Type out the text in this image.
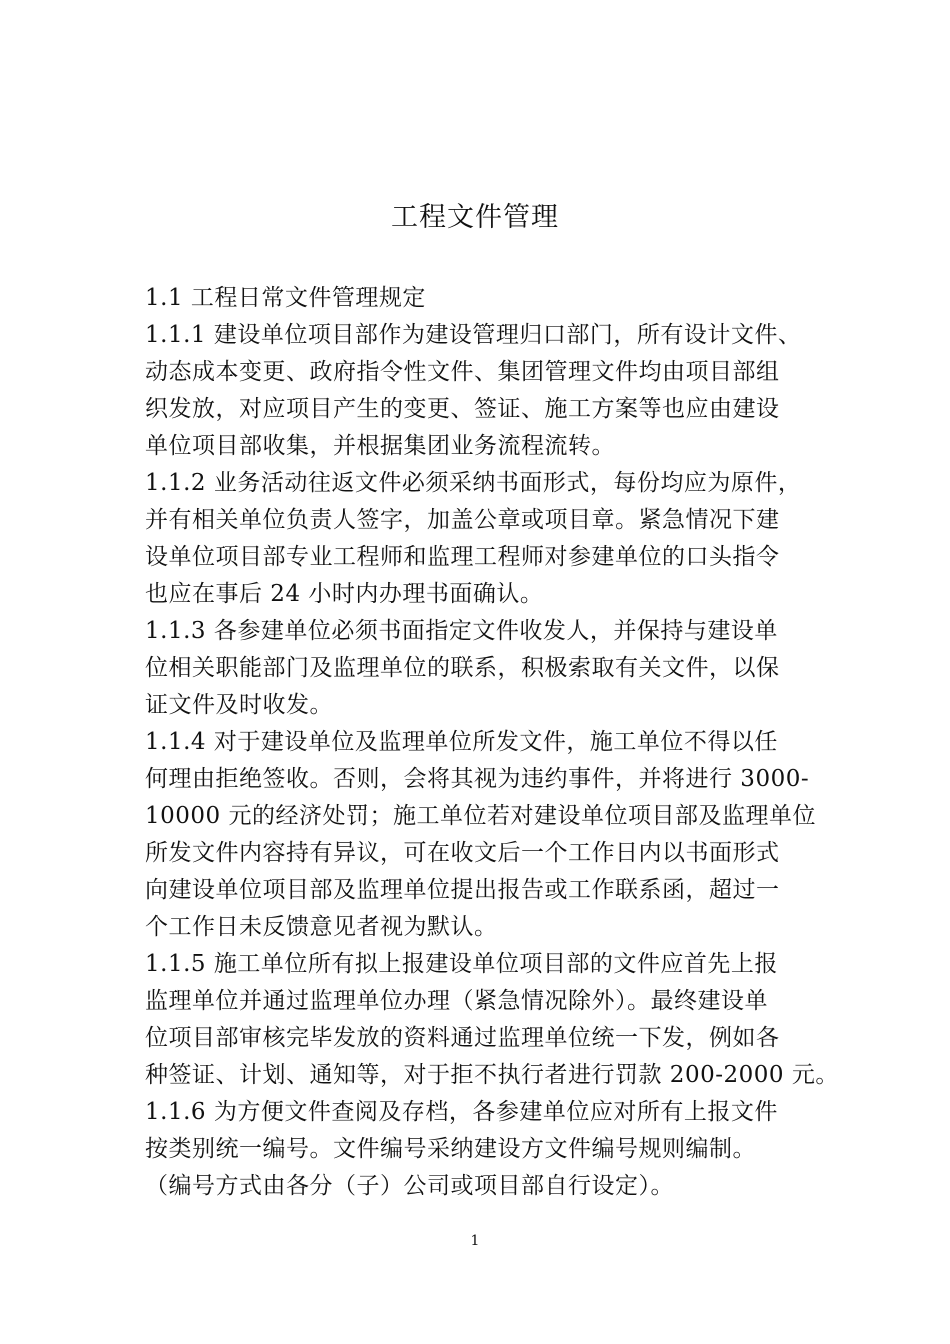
工程文件管理
1.1 工程日常文件管理规定
1.1.1 建设单位项目部作为建设管理归口部门，所有设计文件、
动态成本变更、政府指令性文件、集团管理文件均由项目部组
织发放，对应项目产生的变更、签证、施工方案等也应由建设
单位项目部收集，并根据集团业务流程流转。
1.1.2 业务活动往返文件必须采纳书面形式，每份均应为原件，
并有相关单位负责人签字，加盖公章或项目章。紧急情况下建
设单位项目部专业工程师和监理工程师对参建单位的口头指令
也应在事后 24 小时内办理书面确认。
1.1.3 各参建单位必须书面指定文件收发人，并保持与建设单
位相关职能部门及监理单位的联系，积极索取有关文件，以保
证文件及时收发。
1.1.4 对于建设单位及监理单位所发文件，施工单位不得以任
何理由拒绝签收。否则，会将其视为违约事件，并将进行 3000-
10000 元的经济处罚；施工单位若对建设单位项目部及监理单位
所发文件内容持有异议，可在收文后一个工作日内以书面形式
向建设单位项目部及监理单位提出报告或工作联系函，超过一
个工作日未反馈意见者视为默认。
1.1.5 施工单位所有拟上报建设单位项目部的文件应首先上报
监理单位并通过监理单位办理（紧急情况除外）。最终建设单
位项目部审核完毕发放的资料通过监理单位统一下发，例如各
种签证、计划、通知等，对于拒不执行者进行罚款 200-2000 元。
1.1.6 为方便文件查阅及存档，各参建单位应对所有上报文件
按类别统一编号。文件编号采纳建设方文件编号规则编制。
（编号方式由各分（子）公司或项目部自行设定）。
1
